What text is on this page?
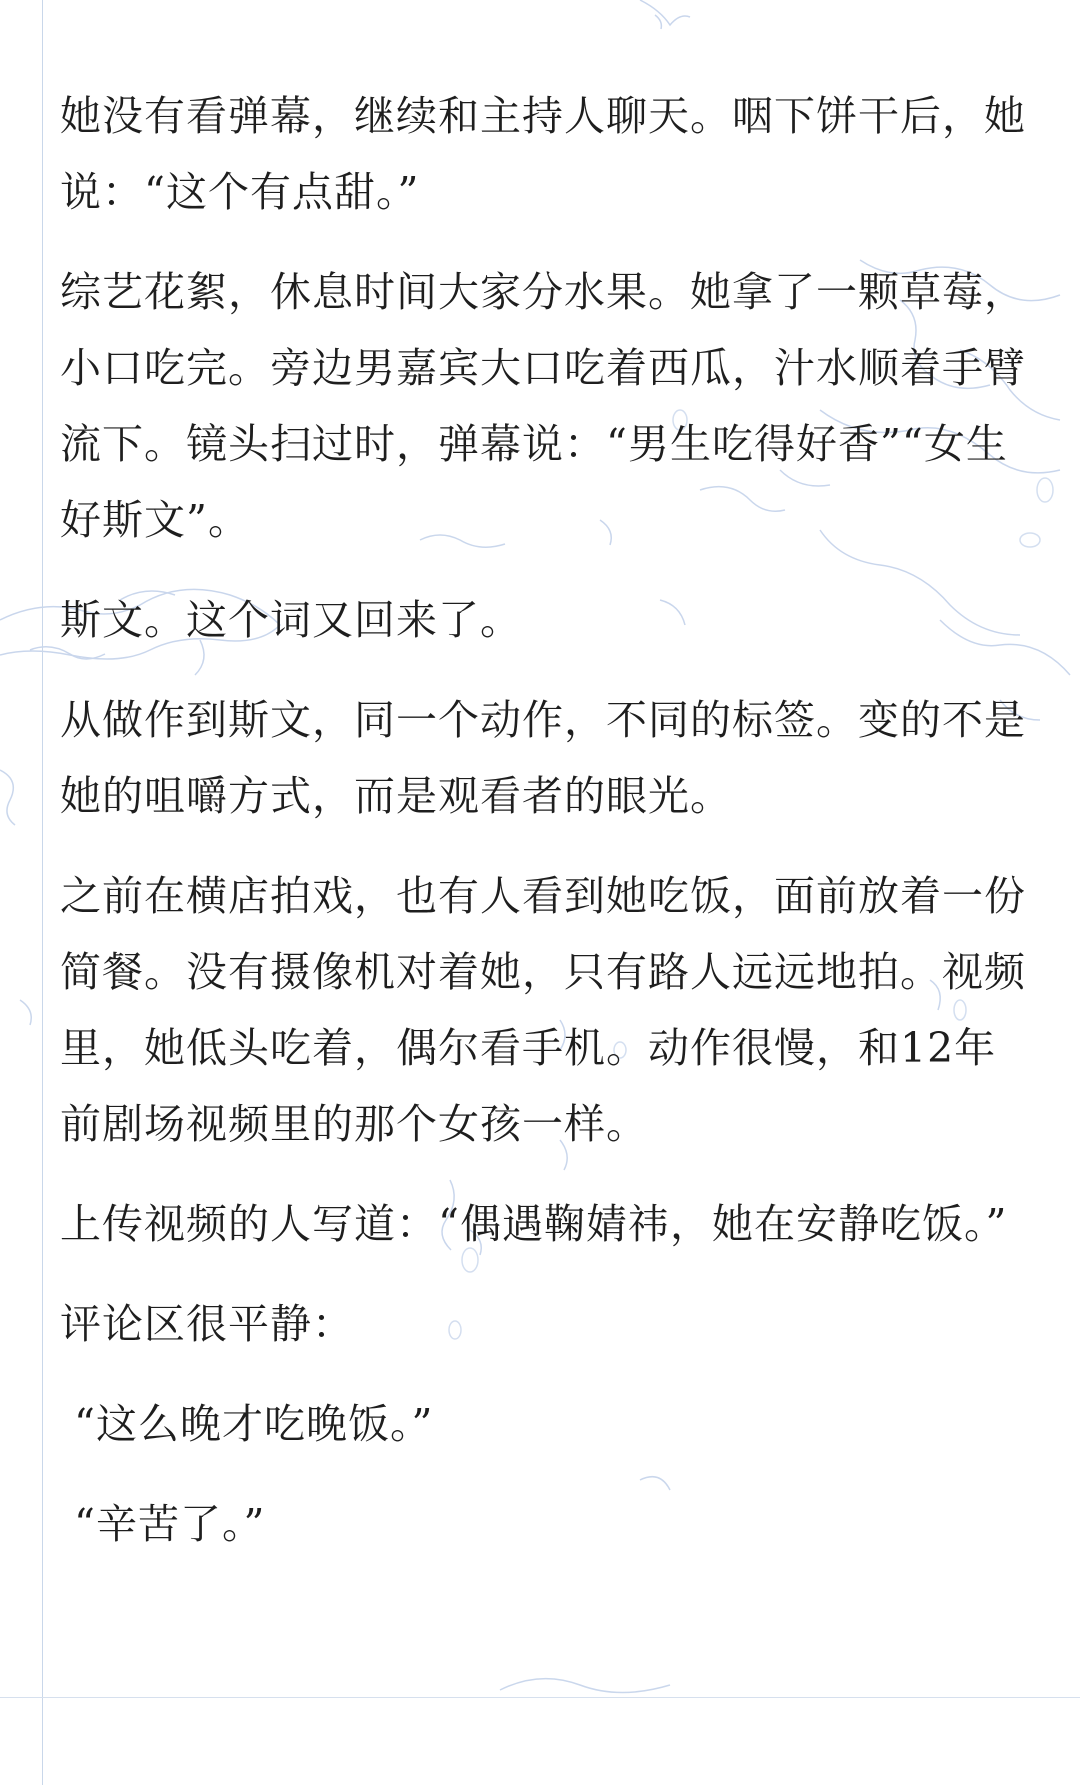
她没有看弹幕，继续和主持人聊天。咽下饼干后，她说：“这个有点甜。”

综艺花絮，休息时间大家分水果。她拿了一颗草莓，小口吃完。旁边男嘉宾大口吃着西瓜，汁水顺着手臂流下。镜头扫过时，弹幕说：“男生吃得好香”“女生好斯文”。

斯文。这个词又回来了。

从做作到斯文，同一个动作，不同的标签。变的不是她的咀嚼方式，而是观看者的眼光。

之前在横店拍戏，也有人看到她吃饭，面前放着一份简餐。没有摄像机对着她，只有路人远远地拍。视频里，她低头吃着，偶尔看手机。动作很慢，和12年前剧场视频里的那个女孩一样。

上传视频的人写道：“偶遇鞠婧祎，她在安静吃饭。”

评论区很平静：

“这么晚才吃晚饭。”

“辛苦了。”
